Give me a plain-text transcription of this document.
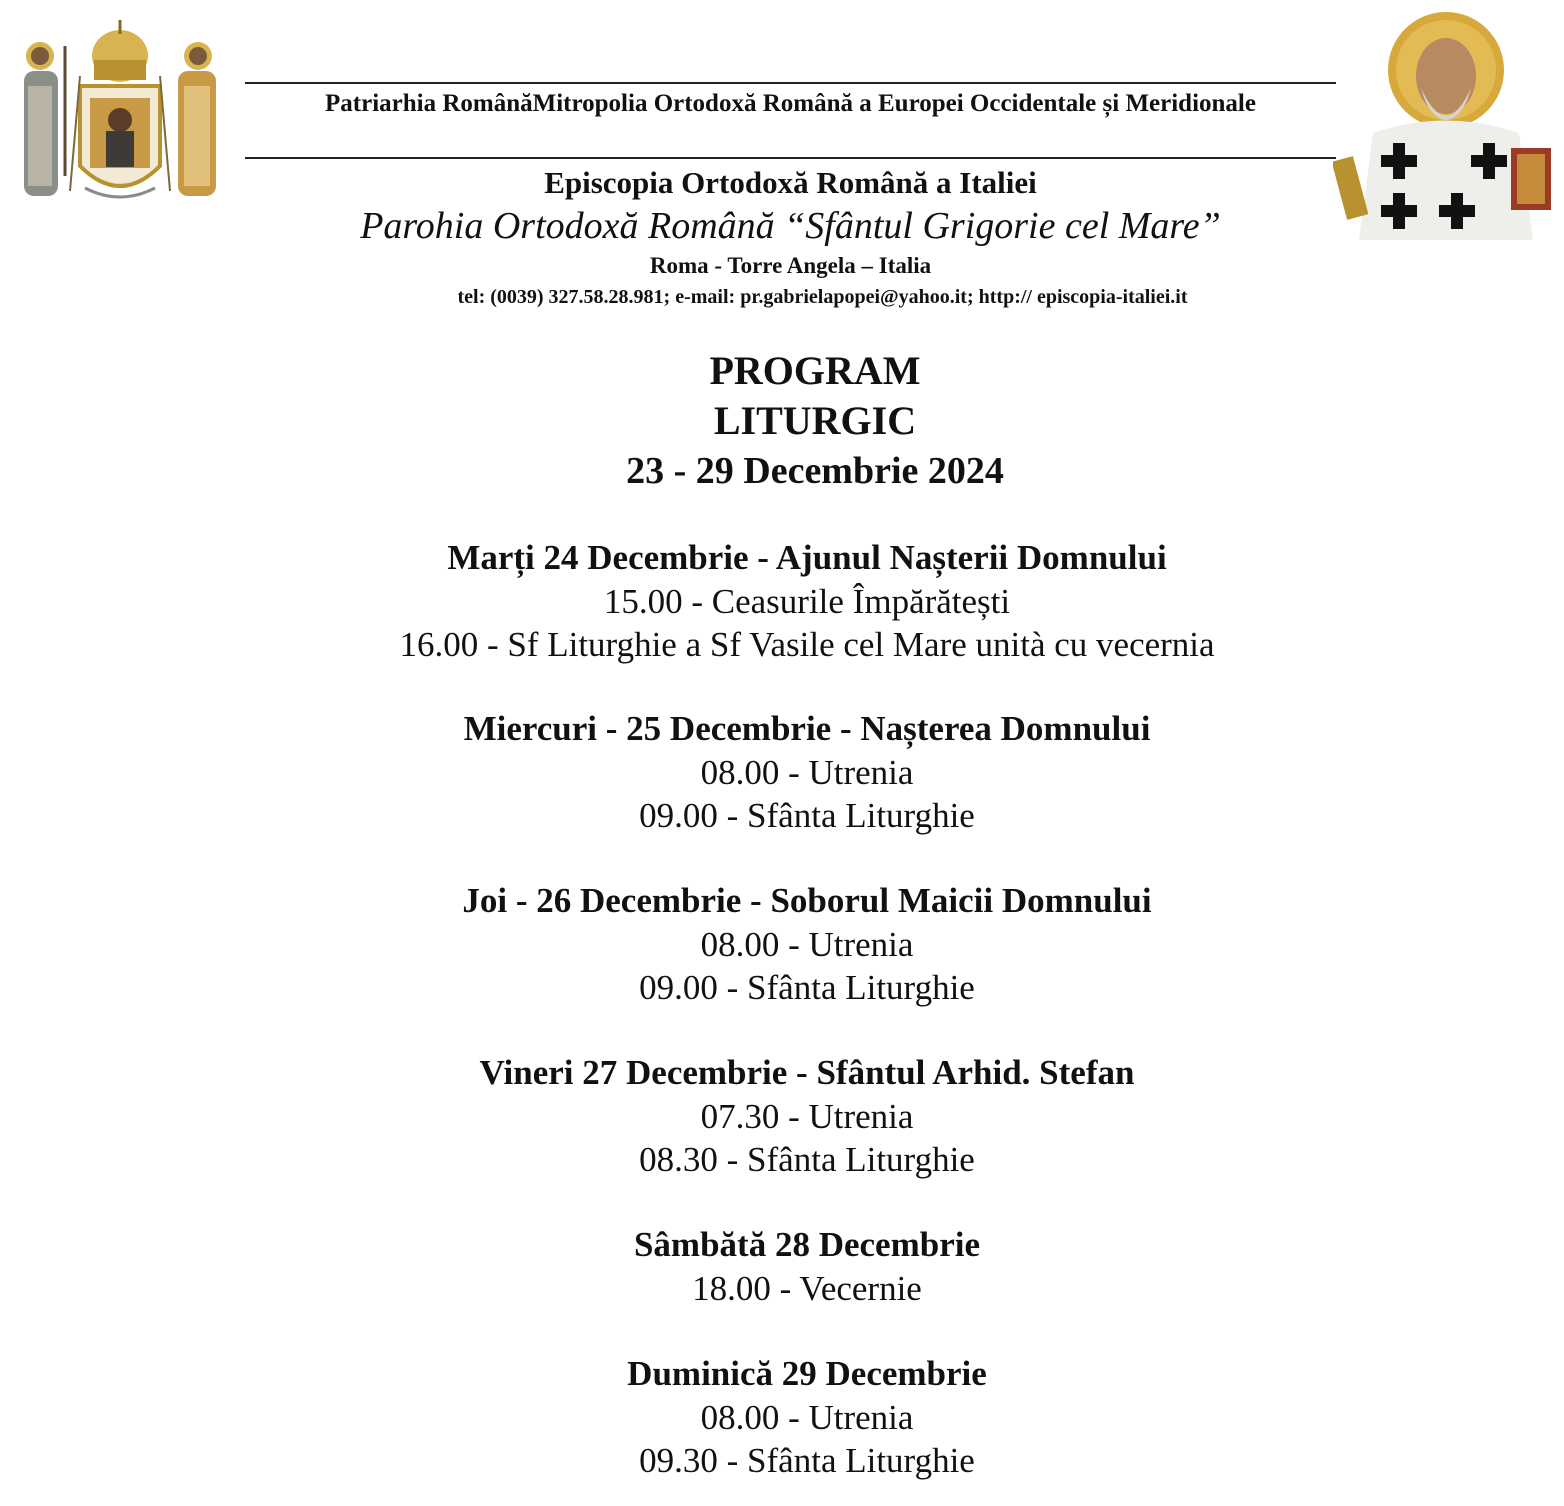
Patriarhia RomânăMitropolia Ortodoxă Română a Europei Occidentale și Meridionale
Episcopia Ortodoxă Română a Italiei
Parohia Ortodoxă Română “Sfântul Grigorie cel Mare”
Roma - Torre Angela – Italia
tel: (0039) 327.58.28.981; e-mail: pr.gabrielapopei@yahoo.it; http:// episcopia-italiei.it
PROGRAM
LITURGIC
23 - 29 Decembrie 2024
Marți 24 Decembrie - Ajunul Nașterii Domnului
15.00 - Ceasurile Împărătești
16.00 - Sf Liturghie a Sf Vasile cel Mare unità cu vecernia
Miercuri - 25 Decembrie - Nașterea Domnului
08.00 - Utrenia
09.00 - Sfânta Liturghie
Joi - 26 Decembrie - Soborul Maicii Domnului
08.00 - Utrenia
09.00 - Sfânta Liturghie
Vineri 27 Decembrie - Sfântul Arhid. Stefan
07.30 - Utrenia
08.30 - Sfânta Liturghie
Sâmbătă 28 Decembrie
18.00 - Vecernie
Duminică 29 Decembrie
08.00 - Utrenia
09.30 - Sfânta Liturghie
